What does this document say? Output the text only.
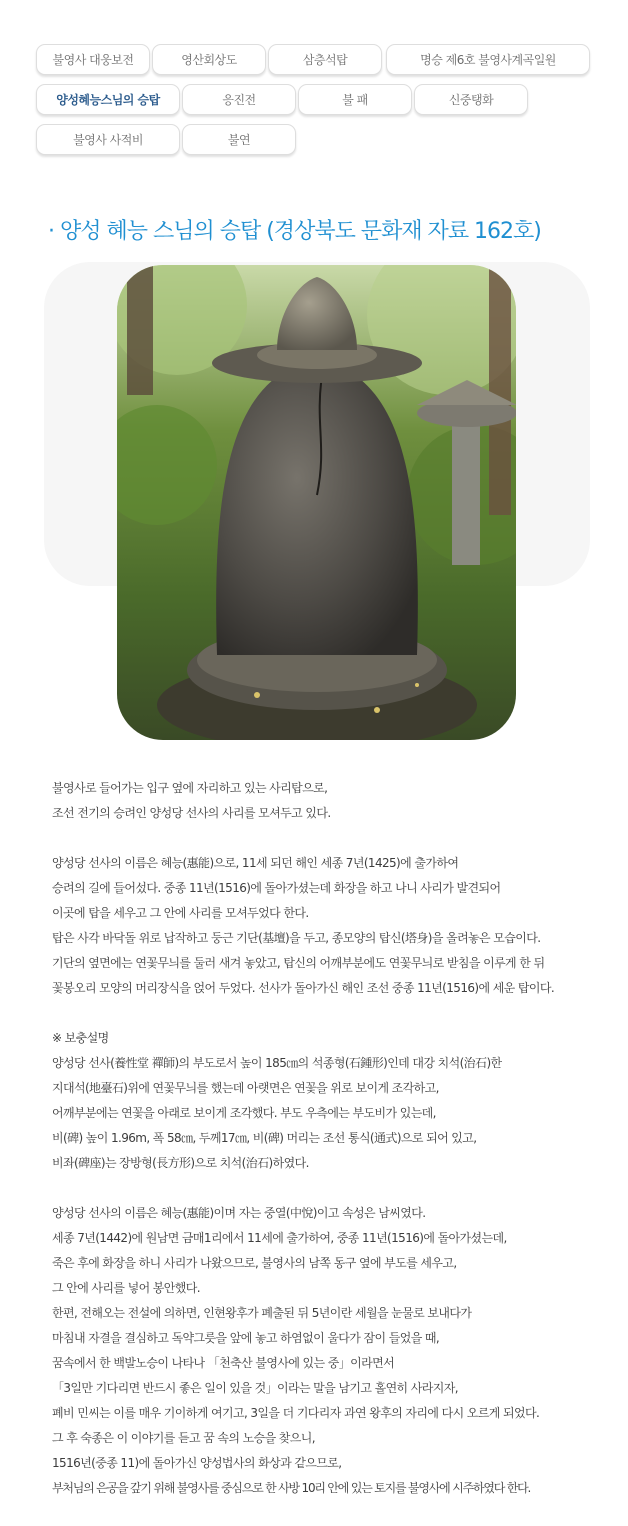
불영사 대웅보전	영산회상도	삼층석탑	명승 제6호 불영사계곡일원
양성혜능스님의 승탑	응진전	불 패	신중탱화
불영사 사적비	불연
· 양성 혜능 스님의 승탑 (경상북도 문화재 자료 162호)

불영사로 들어가는 입구 옆에 자리하고 있는 사리탑으로,

조선 전기의 승려인 양성당 선사의 사리를 모셔두고 있다.

양성당 선사의 이름은 혜능(惠能)으로, 11세 되던 해인 세종 7년(1425)에 출가하여

승려의 길에 들어섰다. 중종 11년(1516)에 돌아가셨는데 화장을 하고 나니 사리가 발견되어

이곳에 탑을 세우고 그 안에 사리를 모셔두었다 한다.

탑은 사각 바닥돌 위로 납작하고 둥근 기단(基壇)을 두고, 종모양의 탑신(塔身)을 올려놓은 모습이다.

기단의 옆면에는 연꽃무늬를 둘러 새겨 놓았고, 탑신의 어깨부분에도 연꽃무늬로 받침을 이루게 한 뒤

꽃봉오리 모양의 머리장식을 얹어 두었다. 선사가 돌아가신 해인 조선 중종 11년(1516)에 세운 탑이다.

※ 보충설명

양성당 선사(養性堂 禪師)의 부도로서 높이 185㎝의 석종형(石鍾形)인데 대강 치석(治石)한

지대석(地臺石)위에 연꽃무늬를 했는데 아랫면은 연꽃을 위로 보이게 조각하고,

어깨부분에는 연꽃을 아래로 보이게 조각했다. 부도 우측에는 부도비가 있는데,

비(碑) 높이 1.96m, 폭 58㎝, 두께17㎝, 비(碑) 머리는 조선 통식(通式)으로 되어 있고,

비좌(碑座)는 장방형(長方形)으로 치석(治石)하였다.

양성당 선사의 이름은 혜능(惠能)이며 자는 중열(中悅)이고 속성은 남씨였다.

세종 7년(1442)에 원남면 금매1리에서 11세에 출가하여, 중종 11년(1516)에 돌아가셨는데,

죽은 후에 화장을 하니 사리가 나왔으므로, 불영사의 남쪽 동구 옆에 부도를 세우고,

그 안에 사리를 넣어 봉안했다.

한편, 전해오는 전설에 의하면, 인현왕후가 폐출된 뒤 5년이란 세월을 눈물로 보내다가

마침내 자결을 결심하고 독약그릇을 앞에 놓고 하염없이 울다가 잠이 들었을 때,

꿈속에서 한 백발노승이 나타나 「천축산 불영사에 있는 중」이라면서

「3일만 기다리면 반드시 좋은 일이 있을 것」이라는 말을 남기고 홀연히 사라지자,

폐비 민씨는 이를 매우 기이하게 여기고, 3일을 더 기다리자 과연 왕후의 자리에 다시 오르게 되었다.

그 후 숙종은 이 이야기를 듣고 꿈 속의 노승을 찾으니,

1516년(중종 11)에 돌아가신 양성법사의 화상과 같으므로,

부처님의 은공을 갚기 위해 불영사를 중심으로 한 사방 10리 안에 있는 토지를 불영사에 시주하였다 한다.
